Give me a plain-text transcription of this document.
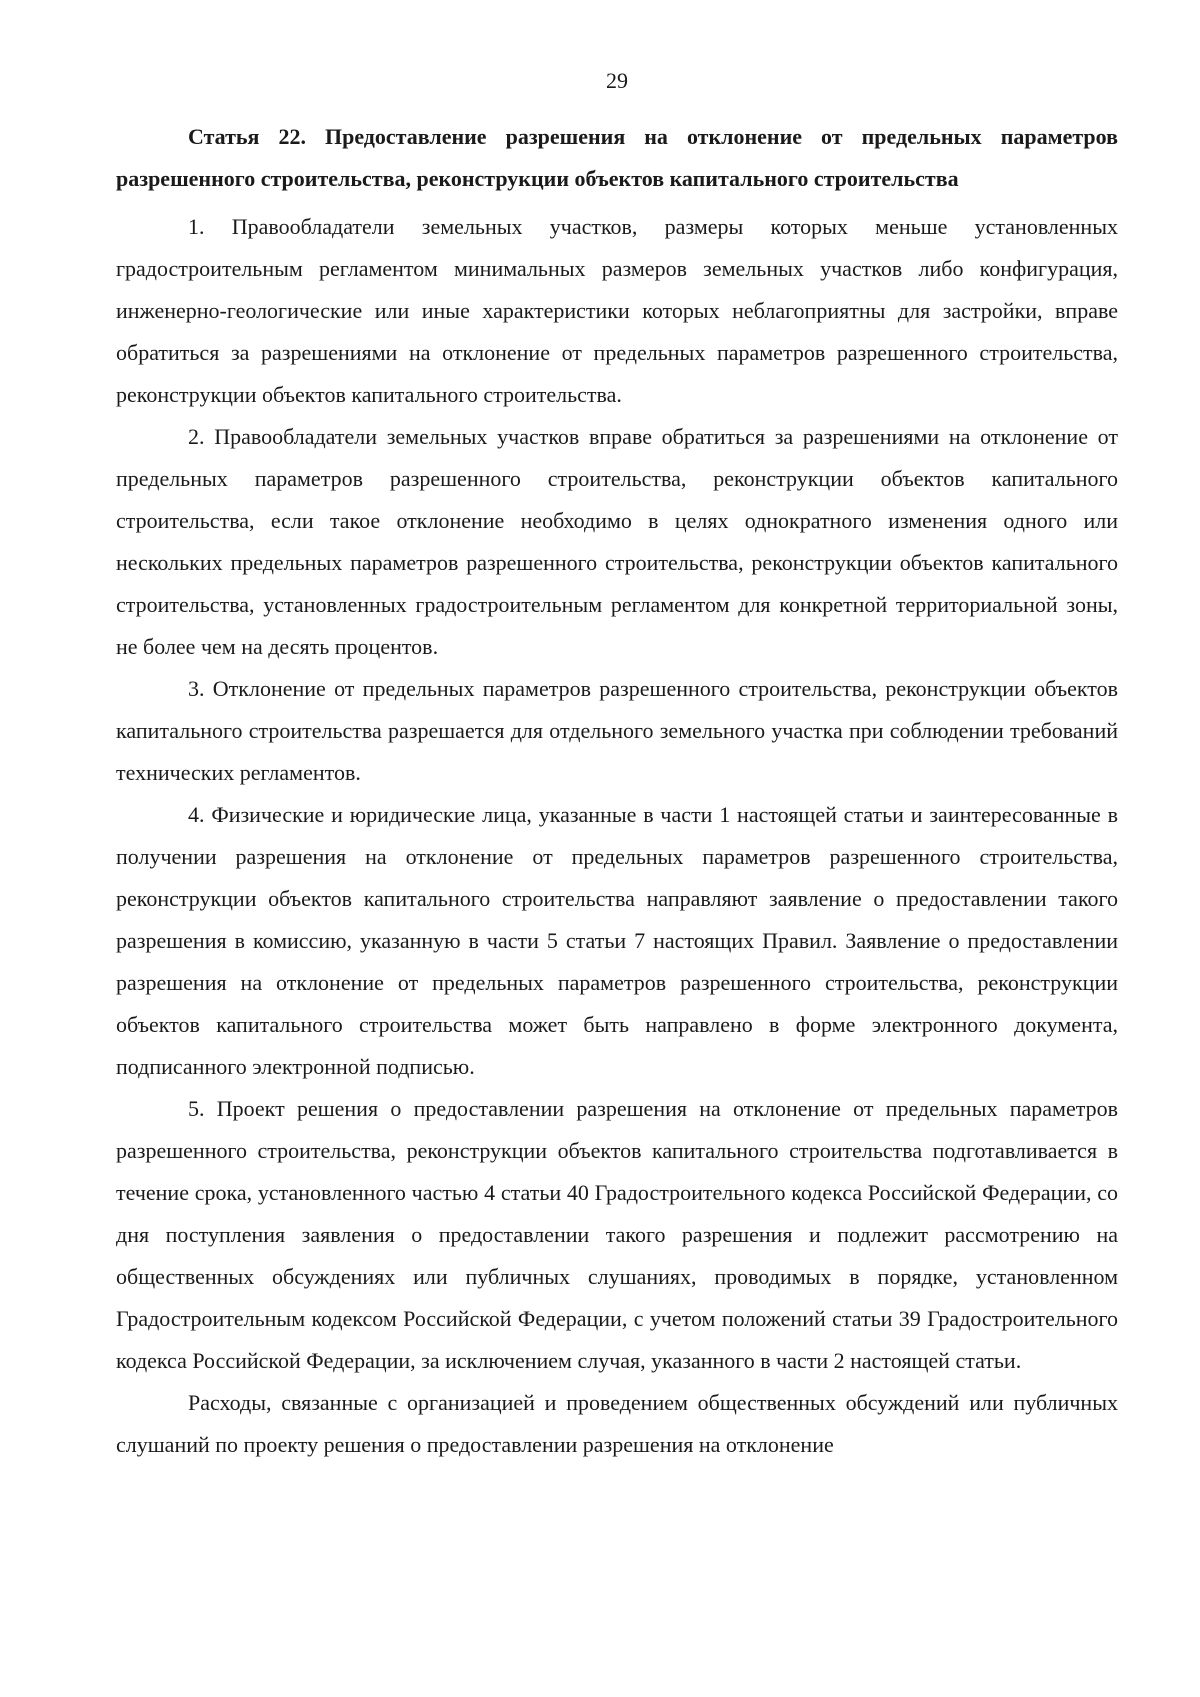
29
Статья 22. Предоставление разрешения на отклонение от предельных параметров разрешенного строительства, реконструкции объектов капитального строительства

1. Правообладатели земельных участков, размеры которых меньше установленных градостроительным регламентом минимальных размеров земельных участков либо конфигурация, инженерно-геологические или иные характеристики которых неблагоприятны для застройки, вправе обратиться за разрешениями на отклонение от предельных параметров разрешенного строительства, реконструкции объектов капитального строительства.

2. Правообладатели земельных участков вправе обратиться за разрешениями на отклонение от предельных параметров разрешенного строительства, реконструкции объектов капитального строительства, если такое отклонение необходимо в целях однократного изменения одного или нескольких предельных параметров разрешенного строительства, реконструкции объектов капитального строительства, установленных градостроительным регламентом для конкретной территориальной зоны, не более чем на десять процентов.

3. Отклонение от предельных параметров разрешенного строительства, реконструкции объектов капитального строительства разрешается для отдельного земельного участка при соблюдении требований технических регламентов.

4. Физические и юридические лица, указанные в части 1 настоящей статьи и заинтересованные в получении разрешения на отклонение от предельных параметров разрешенного строительства, реконструкции объектов капитального строительства направляют заявление о предоставлении такого разрешения в комиссию, указанную в части 5 статьи 7 настоящих Правил. Заявление о предоставлении разрешения на отклонение от предельных параметров разрешенного строительства, реконструкции объектов капитального строительства может быть направлено в форме электронного документа, подписанного электронной подписью.

5. Проект решения о предоставлении разрешения на отклонение от предельных параметров разрешенного строительства, реконструкции объектов капитального строительства подготавливается в течение срока, установленного частью 4 статьи 40 Градостроительного кодекса Российской Федерации, со дня поступления заявления о предоставлении такого разрешения и подлежит рассмотрению на общественных обсуждениях или публичных слушаниях, проводимых в порядке, установленном Градостроительным кодексом Российской Федерации, с учетом положений статьи 39 Градостроительного кодекса Российской Федерации, за исключением случая, указанного в части 2 настоящей статьи.

Расходы, связанные с организацией и проведением общественных обсуждений или публичных слушаний по проекту решения о предоставлении разрешения на отклонение
